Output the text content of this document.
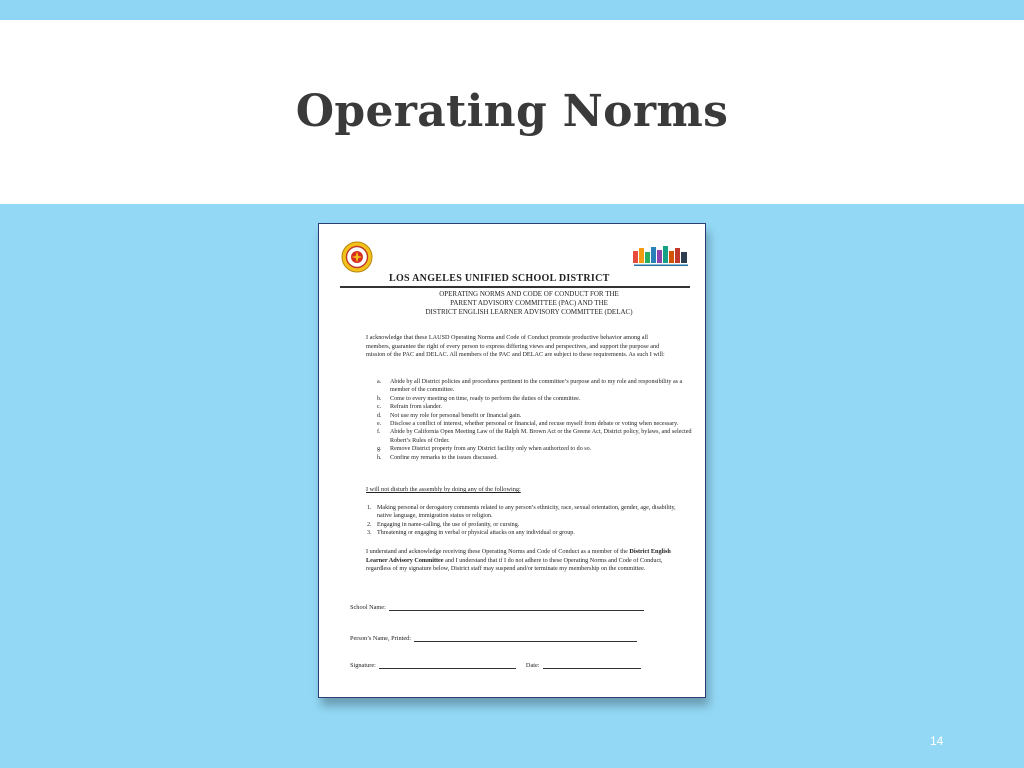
Operating Norms
LOS ANGELES UNIFIED SCHOOL DISTRICT
OPERATING NORMS AND CODE OF CONDUCT FOR THE
PARENT ADVISORY COMMITTEE (PAC) AND THE
DISTRICT ENGLISH LEARNER ADVISORY COMMITTEE (DELAC)
I acknowledge that these LAUSD Operating Norms and Code of Conduct promote productive behavior among all members, guarantee the right of every person to express differing views and perspectives, and support the purpose and mission of the PAC and DELAC. All members of the PAC and DELAC are subject to these requirements. As such I will:
a.	Abide by all District policies and procedures pertinent to the committee’s purpose and to my role and responsibility as a member of the committee.
b.	Come to every meeting on time, ready to perform the duties of the committee.
c.	Refrain from slander.
d.	Not use my role for personal benefit or financial gain.
e.	Disclose a conflict of interest, whether personal or financial, and recuse myself from debate or voting when necessary.
f.	Abide by California Open Meeting Law of the Ralph M. Brown Act or the Greene Act, District policy, bylaws, and selected Robert’s Rules of Order.
g.	Remove District property from any District facility only when authorized to do so.
h.	Confine my remarks to the issues discussed.
I will not disturb the assembly by doing any of the following:
1. Making personal or derogatory comments related to any person’s ethnicity, race, sexual orientation, gender, age, disability, native language, immigration status or religion.
2. Engaging in name-calling, the use of profanity, or cursing.
3. Threatening or engaging in verbal or physical attacks on any individual or group.
I understand and acknowledge receiving these Operating Norms and Code of Conduct as a member of the District English Learner Advisory Committee and I understand that if I do not adhere to these Operating Norms and Code of Conduct, regardless of my signature below, District staff may suspend and/or terminate my membership on the committee.
School Name:
Person’s Name, Printed:
Signature:	Date:
14
